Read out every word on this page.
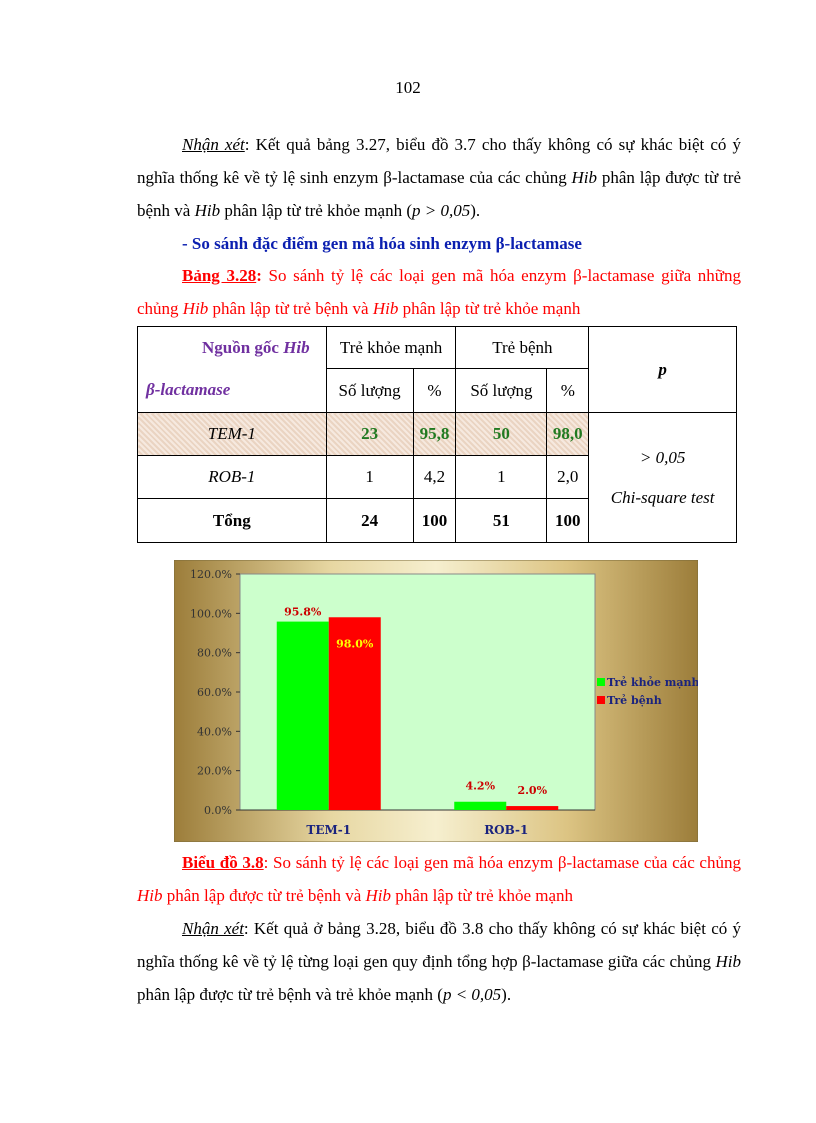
102

Nhận xét: Kết quả bảng 3.27, biểu đồ 3.7 cho thấy không có sự khác biệt có ý nghĩa thống kê về tỷ lệ sinh enzym β-lactamase của các chủng Hib phân lập được từ trẻ bệnh và Hib phân lập từ trẻ khỏe mạnh (p > 0,05).

- So sánh đặc điểm gen mã hóa sinh enzym β-lactamase

Bảng 3.28: So sánh tỷ lệ các loại gen mã hóa enzym β-lactamase giữa những chủng Hib phân lập từ trẻ bệnh và Hib phân lập từ trẻ khỏe mạnh

Nguồn gốc Hib	Trẻ khỏe mạnh		Trẻ bệnh		p
β-lactamase	Số lượng	%	Số lượng	%	
TEM-1	23	95,8	50	98,0	> 0,05
Chi-square test

ROB-1	1	4,2	1	2,0	
Tổng	24	100	51	100	
0.0%
20.0%
40.0%
60.0%
80.0%
100.0%
120.0%
95.8%
98.0%
4.2% 2.0%
TEM-1	ROB-1
Trẻ khỏe mạnh
Trẻ bệnh

Biểu đồ 3.8: So sánh tỷ lệ các loại gen mã hóa enzym β-lactamase của các chủng Hib phân lập được từ trẻ bệnh và Hib phân lập từ trẻ khỏe mạnh

Nhận xét: Kết quả ở bảng 3.28, biểu đồ 3.8 cho thấy không có sự khác biệt có ý nghĩa thống kê về tỷ lệ từng loại gen quy định tổng hợp β-lactamase giữa các chủng Hib phân lập được từ trẻ bệnh và trẻ khỏe mạnh (p < 0,05).
